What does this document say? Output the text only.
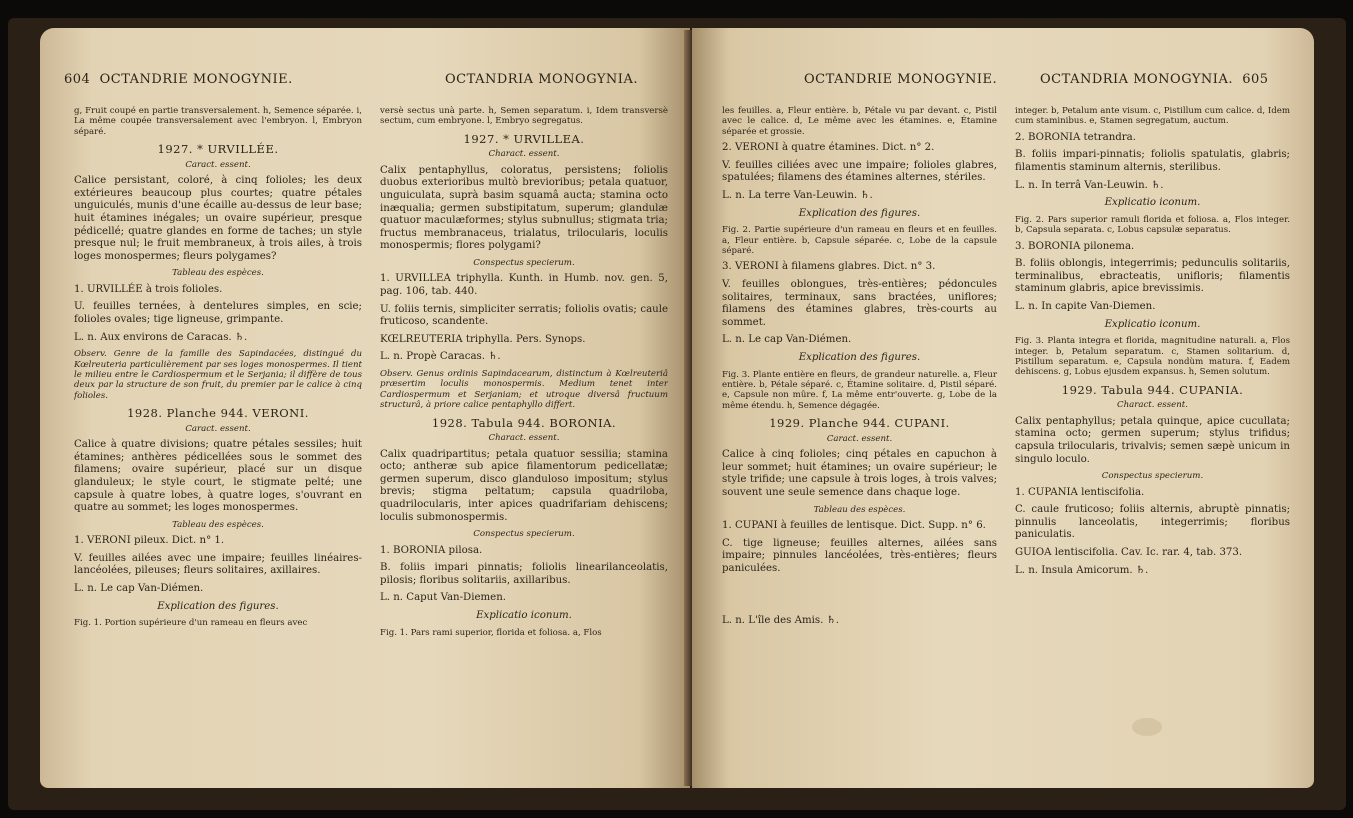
604 OCTANDRIE MONOGYNIE.	OCTANDRIA MONOGYNIA.

g, Fruit coupé en partie transversalement. h, Semence séparée. i, La même coupée transversalement avec l'embryon. l, Embryon séparé.

1927. * URVILLÉE.

Caract. essent.

Calice persistant, coloré, à cinq folioles; les deux extérieures beaucoup plus courtes; quatre pétales unguiculés, munis d'une écaille au-dessus de leur base; huit étamines inégales; un ovaire supérieur, presque pédicellé; quatre glandes en forme de taches; un style presque nul; le fruit membraneux, à trois ailes, à trois loges monospermes; fleurs polygames?

Tableau des espèces.

1. URVILLÉE à trois folioles.

U. feuilles ternées, à dentelures simples, en scie; folioles ovales; tige ligneuse, grimpante.

L. n. Aux environs de Caracas. ♄.

Observ. Genre de la famille des Sapindacées, distingué du Kœlreuteria particulièrement par ses loges monospermes. Il tient le milieu entre le Cardiospermum et le Serjania; il diffère de tous deux par la structure de son fruit, du premier par le calice à cinq folioles.

1928. Planche 944. VERONI.

Caract. essent.

Calice à quatre divisions; quatre pétales sessiles; huit étamines; anthères pédicellées sous le sommet des filamens; ovaire supérieur, placé sur un disque glanduleux; le style court, le stigmate pelté; une capsule à quatre lobes, à quatre loges, s'ouvrant en quatre au sommet; les loges monospermes.

Tableau des espèces.

1. VERONI pileux. Dict. n° 1.

V. feuilles ailées avec une impaire; feuilles linéaires-lancéolées, pileuses; fleurs solitaires, axillaires.

L. n. Le cap Van-Diémen.

Explication des figures.

Fig. 1. Portion supérieure d'un rameau en fleurs avec

versè sectus unà parte. h, Semen separatum. i, Idem transversè sectum, cum embryone. l, Embryo segregatus.

1927. * URVILLEA.

Charact. essent.

Calix pentaphyllus, coloratus, persistens; foliolis duobus exterioribus multò brevioribus; petala quatuor, unguiculata, suprà basim squamâ aucta; stamina octo inæqualia; germen substipitatum, superum; glandulæ quatuor maculæformes; stylus subnullus; stigmata tria; fructus membranaceus, trialatus, trilocularis, loculis monospermis; flores polygami?

Conspectus specierum.

1. URVILLEA triphylla. Kunth. in Humb. nov. gen. 5, pag. 106, tab. 440.

U. foliis ternis, simpliciter serratis; foliolis ovatis; caule fruticoso, scandente.

KŒLREUTERIA triphylla. Pers. Synops.

L. n. Propè Caracas. ♄.

Observ. Genus ordinis Sapindacearum, distinctum à Kœlreuteriâ præsertim loculis monospermis. Medium tenet inter Cardiospermum et Serjaniam; et utroque diversâ fructuum structurâ, à priore calice pentaphyllo differt.

1928. Tabula 944. BORONIA.

Charact. essent.

Calix quadripartitus; petala quatuor sessilia; stamina octo; antheræ sub apice filamentorum pedicellatæ; germen superum, disco glanduloso impositum; stylus brevis; stigma peltatum; capsula quadriloba, quadrilocularis, inter apices quadrifariam dehiscens; loculis submonospermis.

Conspectus specierum.

1. BORONIA pilosa.

B. foliis impari pinnatis; foliolis linearilanceolatis, pilosis; floribus solitariis, axillaribus.

L. n. Caput Van-Diemen.

Explicatio iconum.

Fig. 1. Pars rami superior, florida et foliosa. a, Flos

OCTANDRIE MONOGYNIE.	OCTANDRIA MONOGYNIA. 605

les feuilles. a, Fleur entière. b, Pétale vu par devant. c, Pistil avec le calice. d, Le même avec les étamines. e, Étamine séparée et grossie.

2. VERONI à quatre étamines. Dict. n° 2.

V. feuilles ciliées avec une impaire; folioles glabres, spatulées; filamens des étamines alternes, stériles.

L. n. La terre Van-Leuwin. ♄.

Explication des figures.

Fig. 2. Partie supérieure d'un rameau en fleurs et en feuilles. a, Fleur entière. b, Capsule séparée. c, Lobe de la capsule séparé.

3. VERONI à filamens glabres. Dict. n° 3.

V. feuilles oblongues, très-entières; pédoncules solitaires, terminaux, sans bractées, uniflores; filamens des étamines glabres, très-courts au sommet.

L. n. Le cap Van-Diémen.

Explication des figures.

Fig. 3. Plante entière en fleurs, de grandeur naturelle. a, Fleur entière. b, Pétale séparé. c, Étamine solitaire. d, Pistil séparé. e, Capsule non mûre. f, La même entr'ouverte. g, Lobe de la même étendu. h, Semence dégagée.

1929. Planche 944. CUPANI.

Caract. essent.

Calice à cinq folioles; cinq pétales en capuchon à leur sommet; huit étamines; un ovaire supérieur; le style trifide; une capsule à trois loges, à trois valves; souvent une seule semence dans chaque loge.

Tableau des espèces.

1. CUPANI à feuilles de lentisque. Dict. Supp. n° 6.

C. tige ligneuse; feuilles alternes, ailées sans impaire; pinnules lancéolées, très-entières; fleurs paniculées.

L. n. L'île des Amis. ♄.

integer. b, Petalum ante visum. c, Pistillum cum calice. d, Idem cum staminibus. e, Stamen segregatum, auctum.

2. BORONIA tetrandra.

B. foliis impari-pinnatis; foliolis spatulatis, glabris; filamentis staminum alternis, sterilibus.

L. n. In terrâ Van-Leuwin. ♄.

Explicatio iconum.

Fig. 2. Pars superior ramuli florida et foliosa. a, Flos integer. b, Capsula separata. c, Lobus capsulæ separatus.

3. BORONIA pilonema.

B. foliis oblongis, integerrimis; pedunculis solitariis, terminalibus, ebracteatis, unifloris; filamentis staminum glabris, apice brevissimis.

L. n. In capite Van-Diemen.

Explicatio iconum.

Fig. 3. Planta integra et florida, magnitudine naturali. a, Flos integer. b, Petalum separatum. c, Stamen solitarium. d, Pistillum separatum. e, Capsula nondùm matura. f, Eadem dehiscens. g, Lobus ejusdem expansus. h, Semen solutum.

1929. Tabula 944. CUPANIA.

Charact. essent.

Calix pentaphyllus; petala quinque, apice cucullata; stamina octo; germen superum; stylus trifidus; capsula trilocularis, trivalvis; semen sæpè unicum in singulo loculo.

Conspectus specierum.

1. CUPANIA lentiscifolia.

C. caule fruticoso; foliis alternis, abruptè pinnatis; pinnulis lanceolatis, integerrimis; floribus paniculatis.

GUIOA lentiscifolia. Cav. Ic. rar. 4, tab. 373.

L. n. Insula Amicorum. ♄.
